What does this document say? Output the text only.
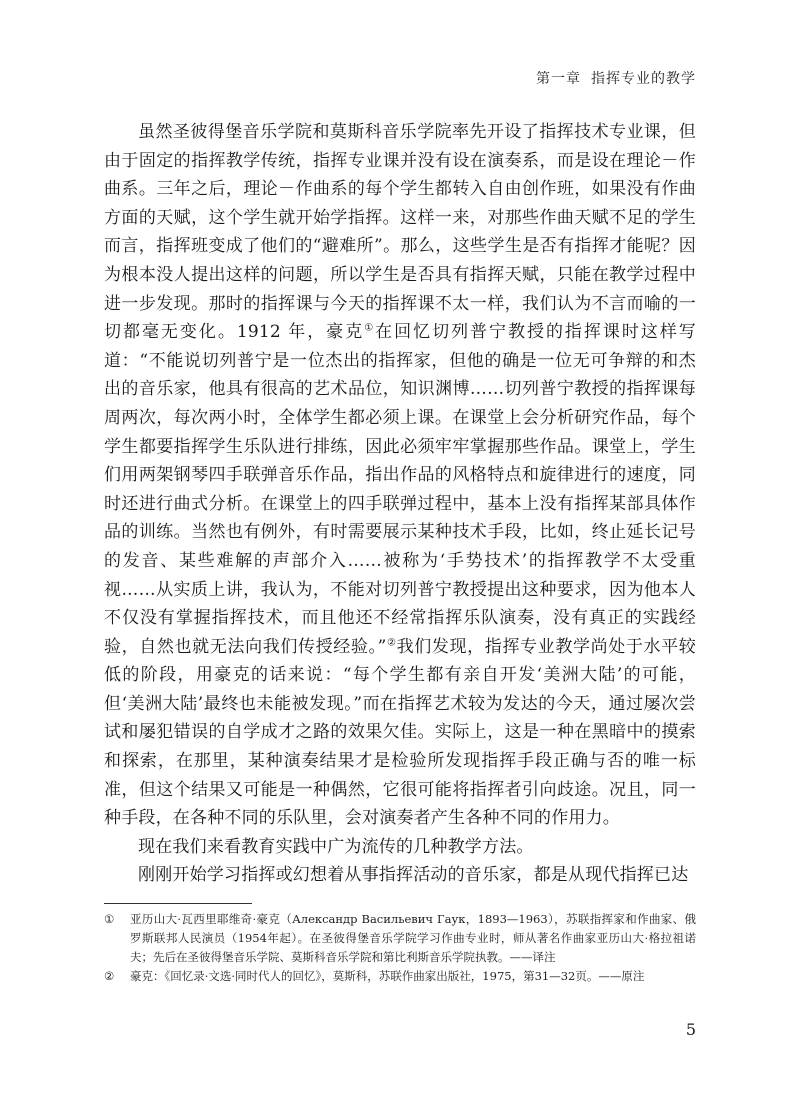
第一章 指挥专业的教学

虽然圣彼得堡音乐学院和莫斯科音乐学院率先开设了指挥技术专业课，但由于固定的指挥教学传统，指挥专业课并没有设在演奏系，而是设在理论－作曲系。三年之后，理论－作曲系的每个学生都转入自由创作班，如果没有作曲方面的天赋，这个学生就开始学指挥。这样一来，对那些作曲天赋不足的学生而言，指挥班变成了他们的“避难所”。那么，这些学生是否有指挥才能呢？因为根本没人提出这样的问题，所以学生是否具有指挥天赋，只能在教学过程中进一步发现。那时的指挥课与今天的指挥课不太一样，我们认为不言而喻的一切都毫无变化。1912 年，豪克①在回忆切列普宁教授的指挥课时这样写道：“不能说切列普宁是一位杰出的指挥家，但他的确是一位无可争辩的和杰出的音乐家，他具有很高的艺术品位，知识渊博……切列普宁教授的指挥课每周两次，每次两小时，全体学生都必须上课。在课堂上会分析研究作品，每个学生都要指挥学生乐队进行排练，因此必须牢牢掌握那些作品。课堂上，学生们用两架钢琴四手联弹音乐作品，指出作品的风格特点和旋律进行的速度，同时还进行曲式分析。在课堂上的四手联弹过程中，基本上没有指挥某部具体作品的训练。当然也有例外，有时需要展示某种技术手段，比如，终止延长记号的发音、某些难解的声部介入……被称为‘手势技术’的指挥教学不太受重视……从实质上讲，我认为，不能对切列普宁教授提出这种要求，因为他本人不仅没有掌握指挥技术，而且他还不经常指挥乐队演奏，没有真正的实践经验，自然也就无法向我们传授经验。”②我们发现，指挥专业教学尚处于水平较低的阶段，用豪克的话来说：“每个学生都有亲自开发‘美洲大陆’的可能，但‘美洲大陆’最终也未能被发现。”而在指挥艺术较为发达的今天，通过屡次尝试和屡犯错误的自学成才之路的效果欠佳。实际上，这是一种在黑暗中的摸索和探索，在那里，某种演奏结果才是检验所发现指挥手段正确与否的唯一标准，但这个结果又可能是一种偶然，它很可能将指挥者引向歧途。况且，同一种手段，在各种不同的乐队里，会对演奏者产生各种不同的作用力。

现在我们来看教育实践中广为流传的几种教学方法。

刚刚开始学习指挥或幻想着从事指挥活动的音乐家，都是从现代指挥已达

①	亚历山大·瓦西里耶维奇·豪克（Александр Васильевич Гаук，1893—1963），苏联指挥家和作曲家、俄罗斯联邦人民演员（1954年起）。在圣彼得堡音乐学院学习作曲专业时，师从著名作曲家亚历山大·格拉祖诺夫；先后在圣彼得堡音乐学院、莫斯科音乐学院和第比利斯音乐学院执教。——译注
②	豪克：《回忆录·文选·同时代人的回忆》，莫斯科，苏联作曲家出版社，1975，第31—32页。——原注
5
